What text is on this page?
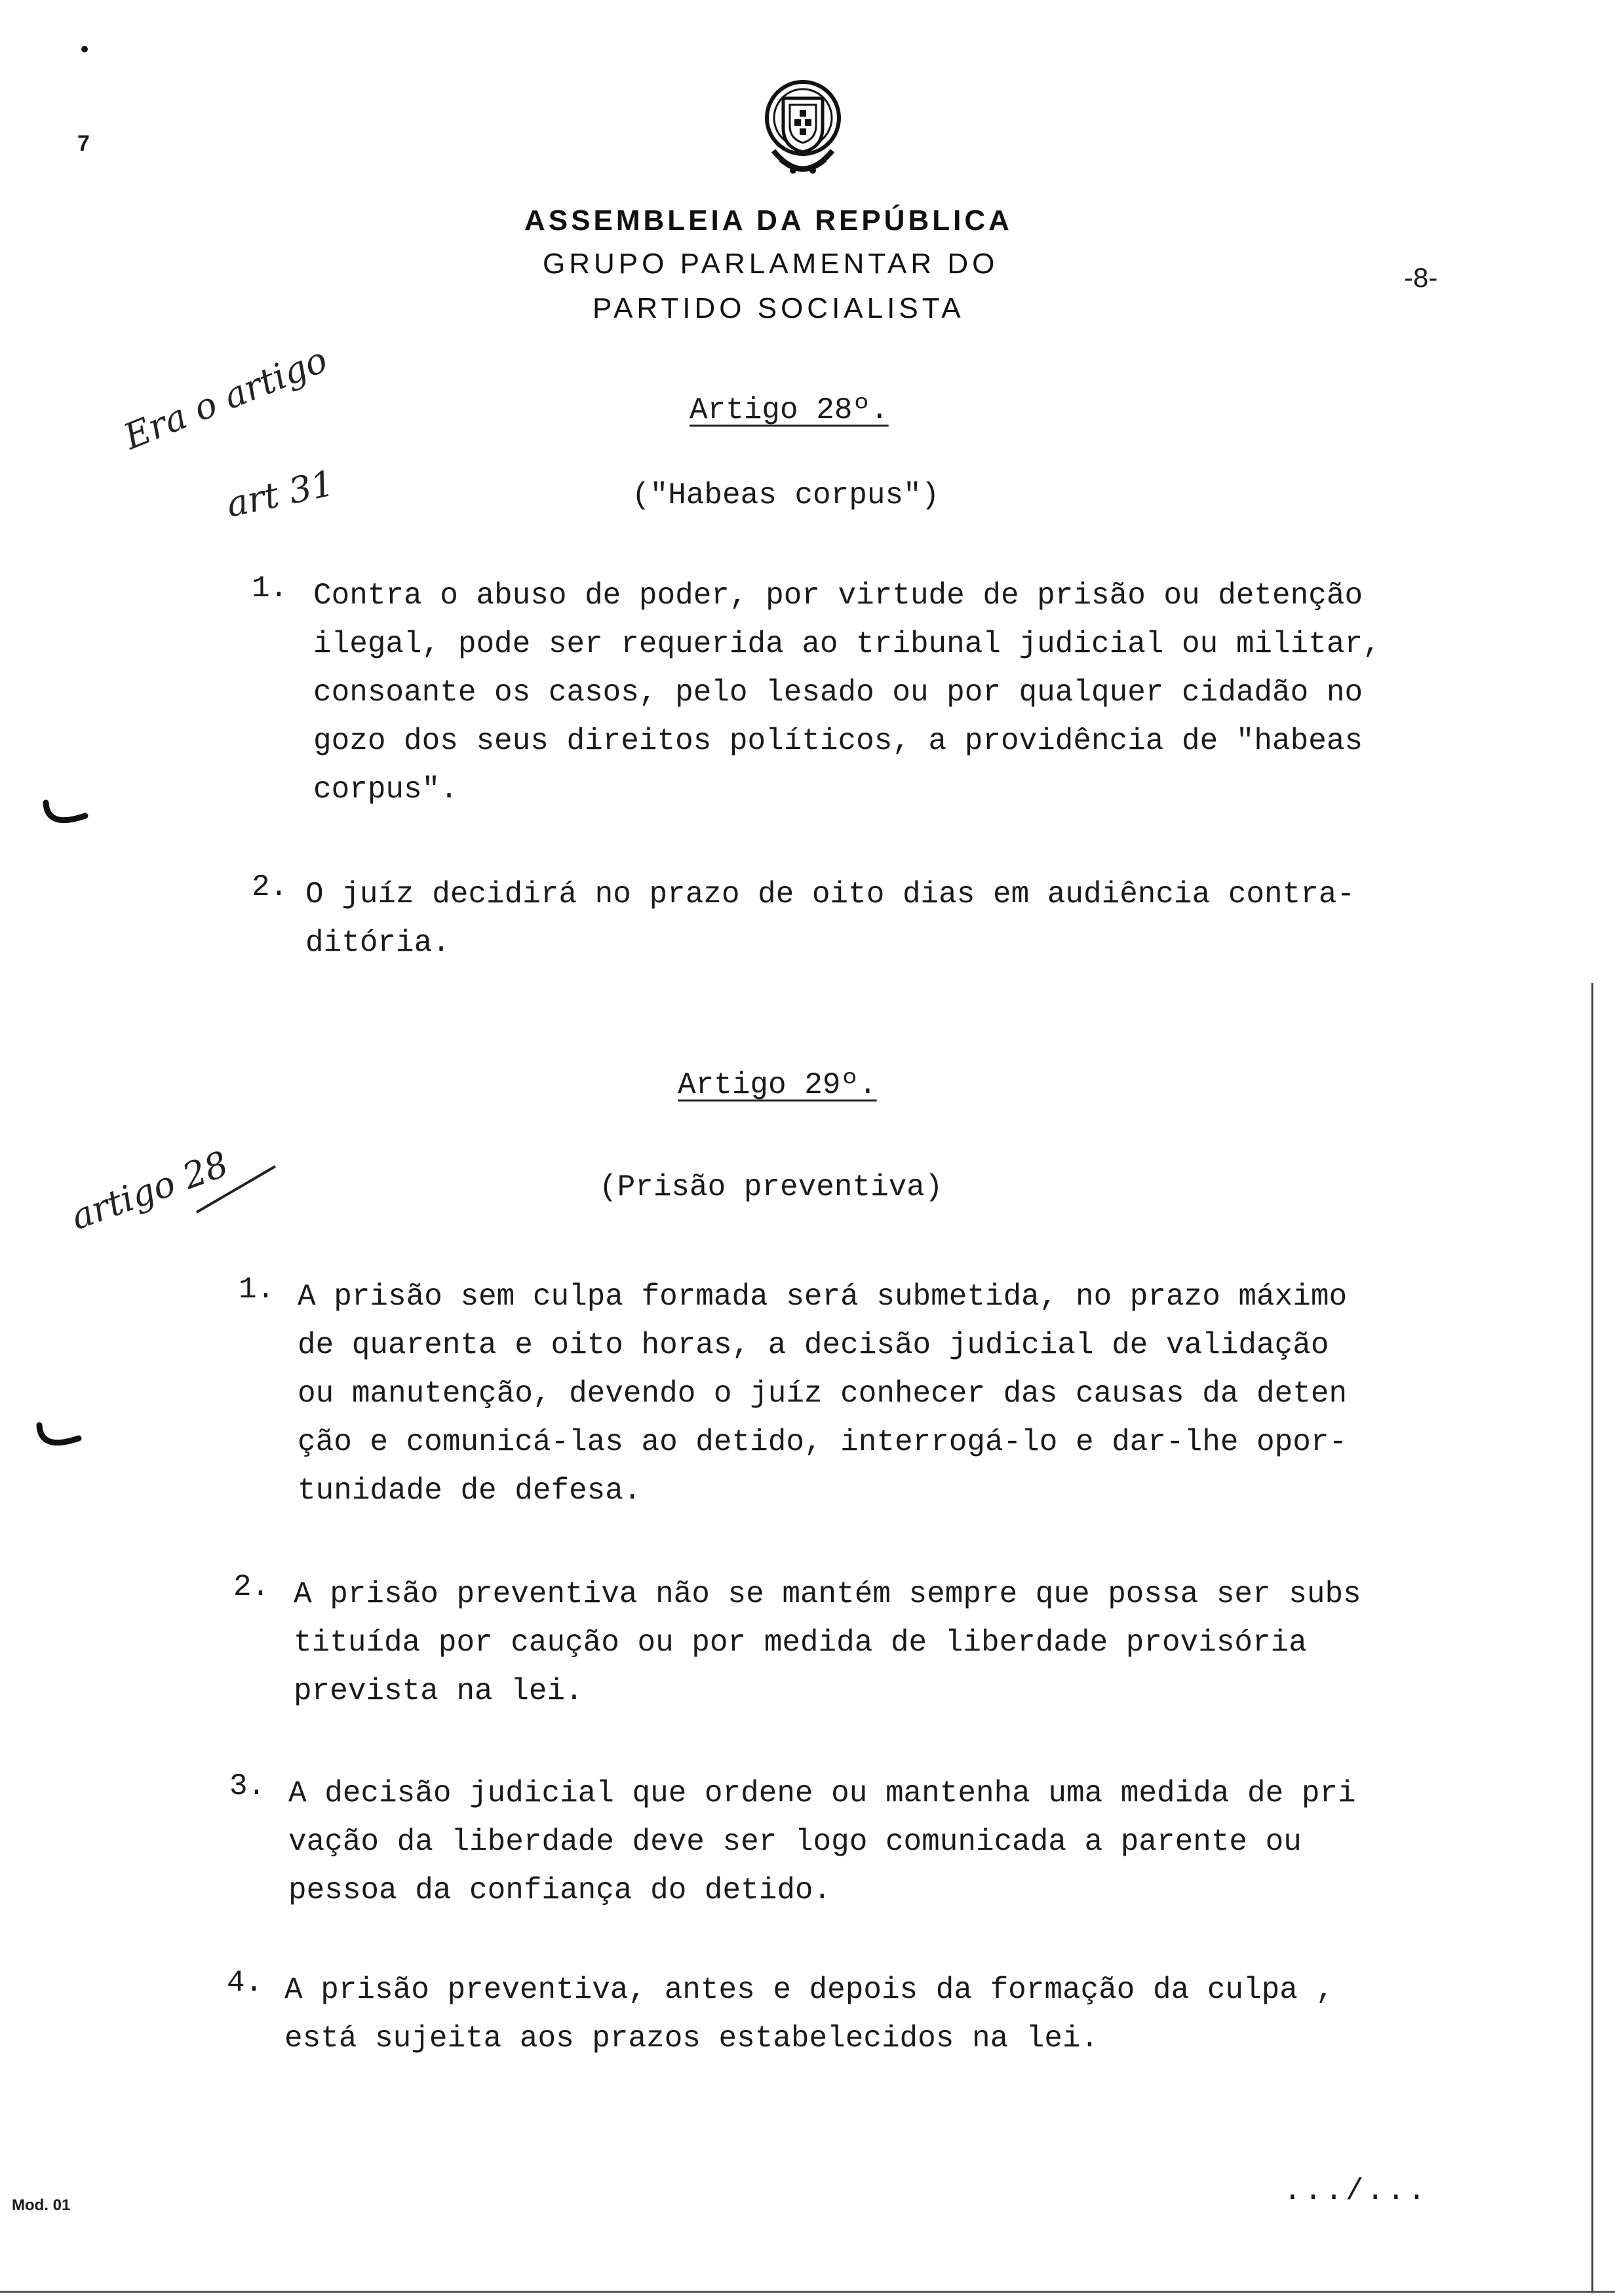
7
ASSEMBLEIA DA REPÚBLICA
GRUPO PARLAMENTAR DO
PARTIDO SOCIALISTA
-8-
Era o artigo
art 31
artigo 28
Artigo 28º.
("Habeas corpus")
1. Contra o abuso de poder, por virtude de prisão ou detenção
ilegal, pode ser requerida ao tribunal judicial ou militar,
consoante os casos, pelo lesado ou por qualquer cidadão no
gozo dos seus direitos políticos, a providência de "habeas
corpus".
2. O juíz decidirá no prazo de oito dias em audiência contra-
ditória.
Artigo 29º.
(Prisão preventiva)
1. A prisão sem culpa formada será submetida, no prazo máximo
de quarenta e oito horas, a decisão judicial de validação
ou manutenção, devendo o juíz conhecer das causas da deten
ção e comunicá-las ao detido, interrogá-lo e dar-lhe opor-
tunidade de defesa.
2. A prisão preventiva não se mantém sempre que possa ser subs
tituída por caução ou por medida de liberdade provisória
prevista na lei.
3. A decisão judicial que ordene ou mantenha uma medida de pri
vação da liberdade deve ser logo comunicada a parente ou
pessoa da confiança do detido.
4. A prisão preventiva, antes e depois da formação da culpa ,
está sujeita aos prazos estabelecidos na lei.
.../...
Mod. 01
